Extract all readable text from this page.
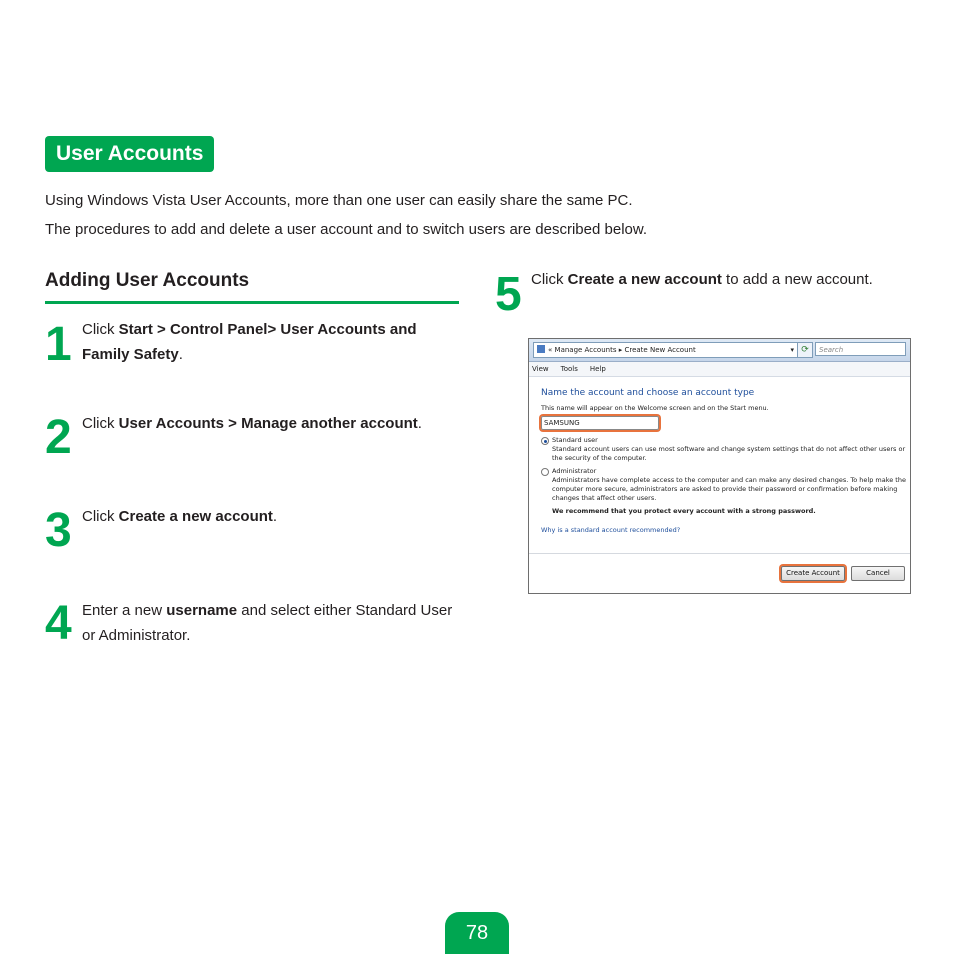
User Accounts
Using Windows Vista User Accounts, more than one user can easily share the same PC.
The procedures to add and delete a user account and to switch users are described below.
Adding User Accounts
1 Click Start > Control Panel> User Accounts and Family Safety.
2 Click User Accounts > Manage another account.
3 Click Create a new account.
4 Enter a new username and select either Standard User or Administrator.
5 Click Create a new account to add a new account.
« Manage Accounts ▸ Create New Account	▾ ⟳	Search
View Tools Help
Name the account and choose an account type
This name will appear on the Welcome screen and on the Start menu.
SAMSUNG
Standard user
Standard account users can use most software and change system settings that do not affect other users or the security of the computer.
Administrator
Administrators have complete access to the computer and can make any desired changes. To help make the computer more secure, administrators are asked to provide their password or confirmation before making changes that affect other users.
We recommend that you protect every account with a strong password.
Why is a standard account recommended?
Create Account	Cancel
78
